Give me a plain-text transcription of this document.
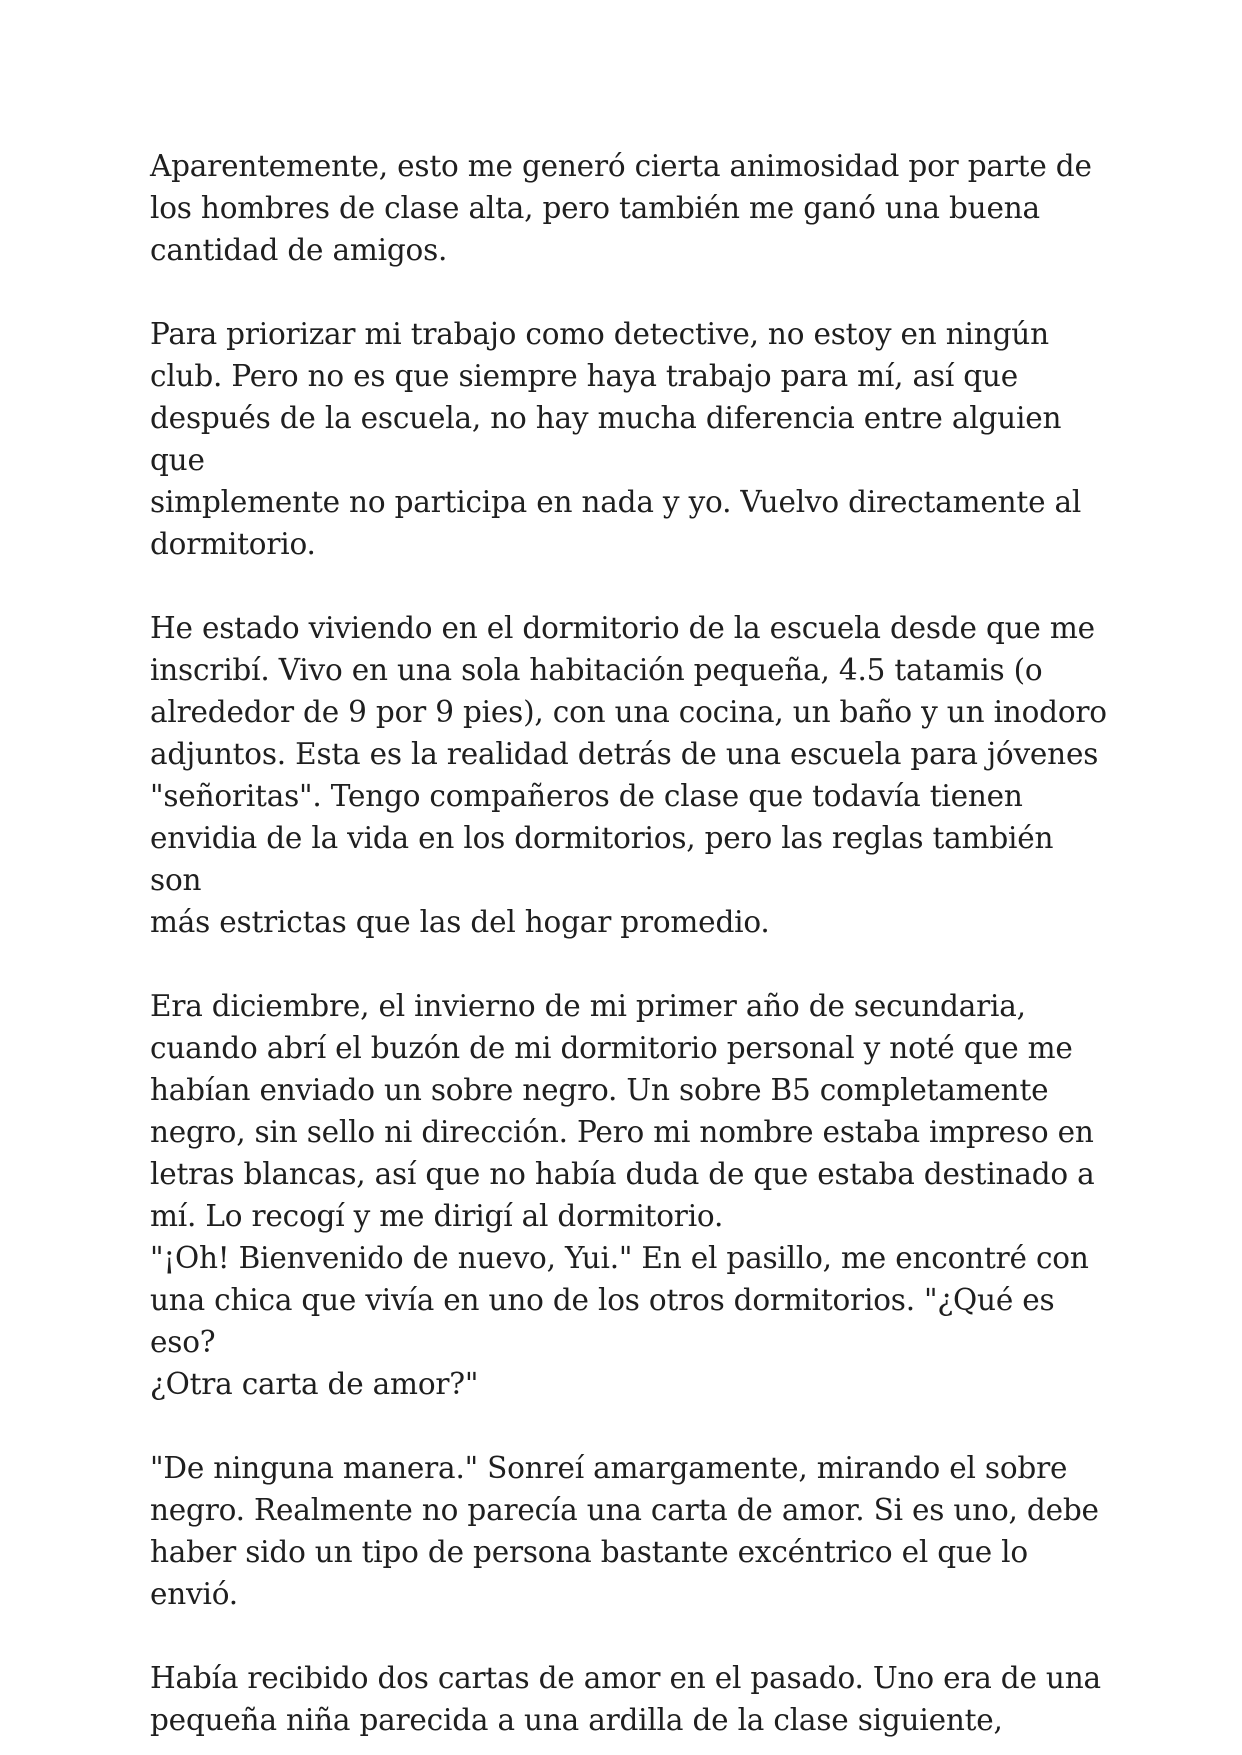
Aparentemente, esto me generó cierta animosidad por parte de
los hombres de clase alta, pero también me ganó una buena
cantidad de amigos.

Para priorizar mi trabajo como detective, no estoy en ningún
club. Pero no es que siempre haya trabajo para mí, así que
después de la escuela, no hay mucha diferencia entre alguien que
simplemente no participa en nada y yo. Vuelvo directamente al
dormitorio.

He estado viviendo en el dormitorio de la escuela desde que me
inscribí. Vivo en una sola habitación pequeña, 4.5 tatamis (o
alrededor de 9 por 9 pies), con una cocina, un baño y un inodoro
adjuntos. Esta es la realidad detrás de una escuela para jóvenes
"señoritas". Tengo compañeros de clase que todavía tienen
envidia de la vida en los dormitorios, pero las reglas también son
más estrictas que las del hogar promedio.

Era diciembre, el invierno de mi primer año de secundaria,
cuando abrí el buzón de mi dormitorio personal y noté que me
habían enviado un sobre negro. Un sobre B5 completamente
negro, sin sello ni dirección. Pero mi nombre estaba impreso en
letras blancas, así que no había duda de que estaba destinado a
mí. Lo recogí y me dirigí al dormitorio.

"¡Oh! Bienvenido de nuevo, Yui." En el pasillo, me encontré con
una chica que vivía en uno de los otros dormitorios. "¿Qué es eso?
¿Otra carta de amor?"

"De ninguna manera." Sonreí amargamente, mirando el sobre
negro. Realmente no parecía una carta de amor. Si es uno, debe
haber sido un tipo de persona bastante excéntrico el que lo envió.

Había recibido dos cartas de amor en el pasado. Uno era de una
pequeña niña parecida a una ardilla de la clase siguiente,
